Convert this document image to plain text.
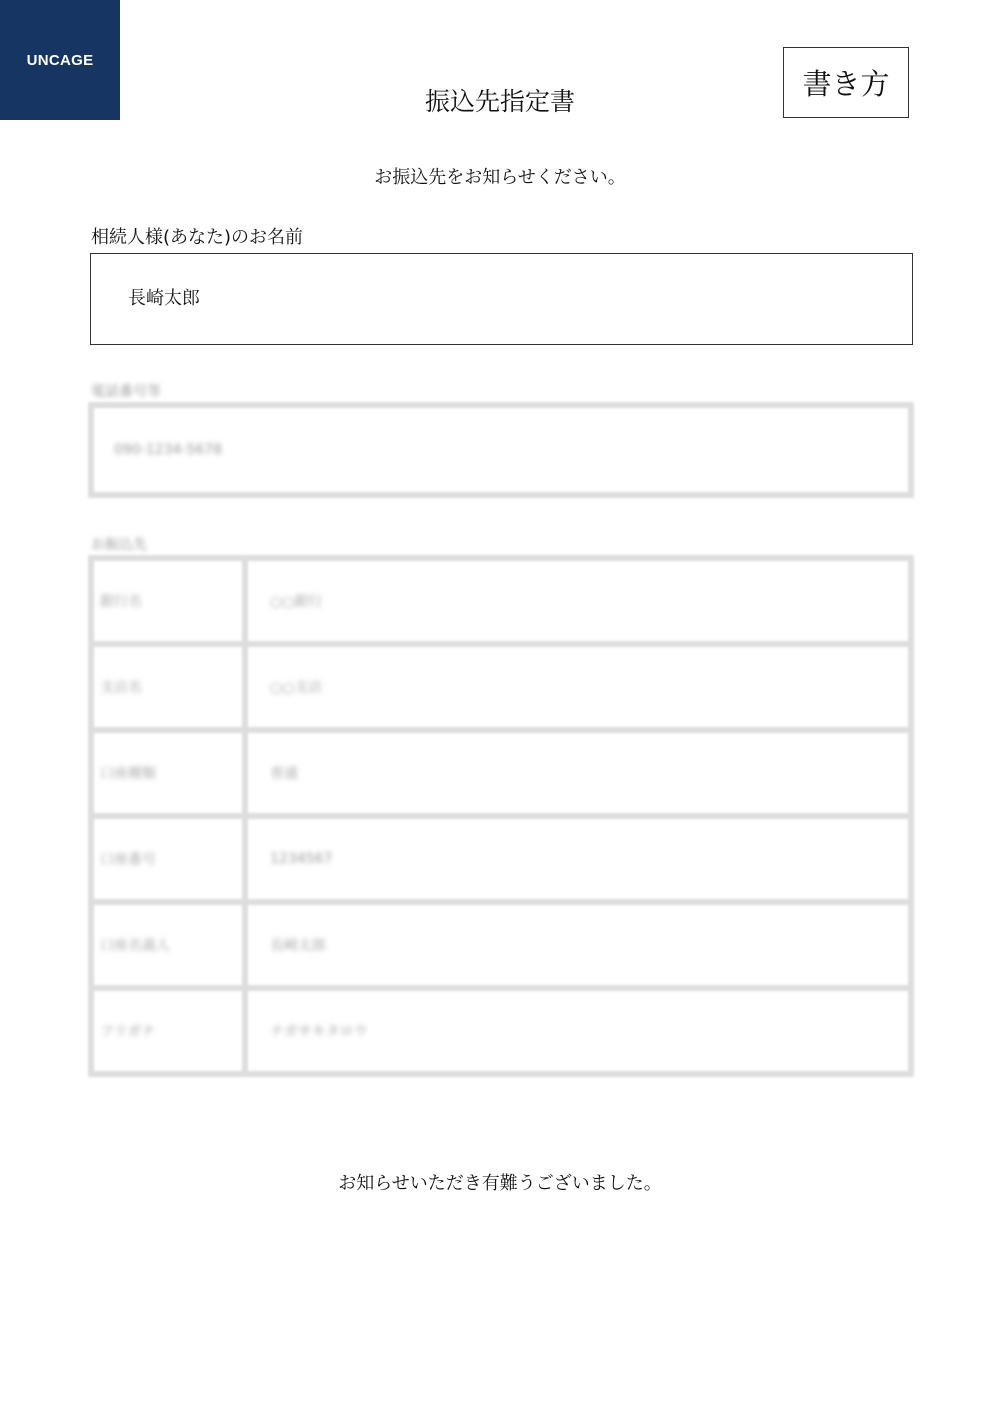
UNCAGE
振込先指定書
書き方
お振込先をお知らせください。
相続人様(あなた)のお名前
長崎太郎
電話番号等
090-1234-5678
お振込先
銀行名	○○銀行
支店名	○○支店
口座種類	普通
口座番号	1234567
口座名義人	長崎太郎
フリガナ	ナガサキタロウ
お知らせいただき有難うございました。
